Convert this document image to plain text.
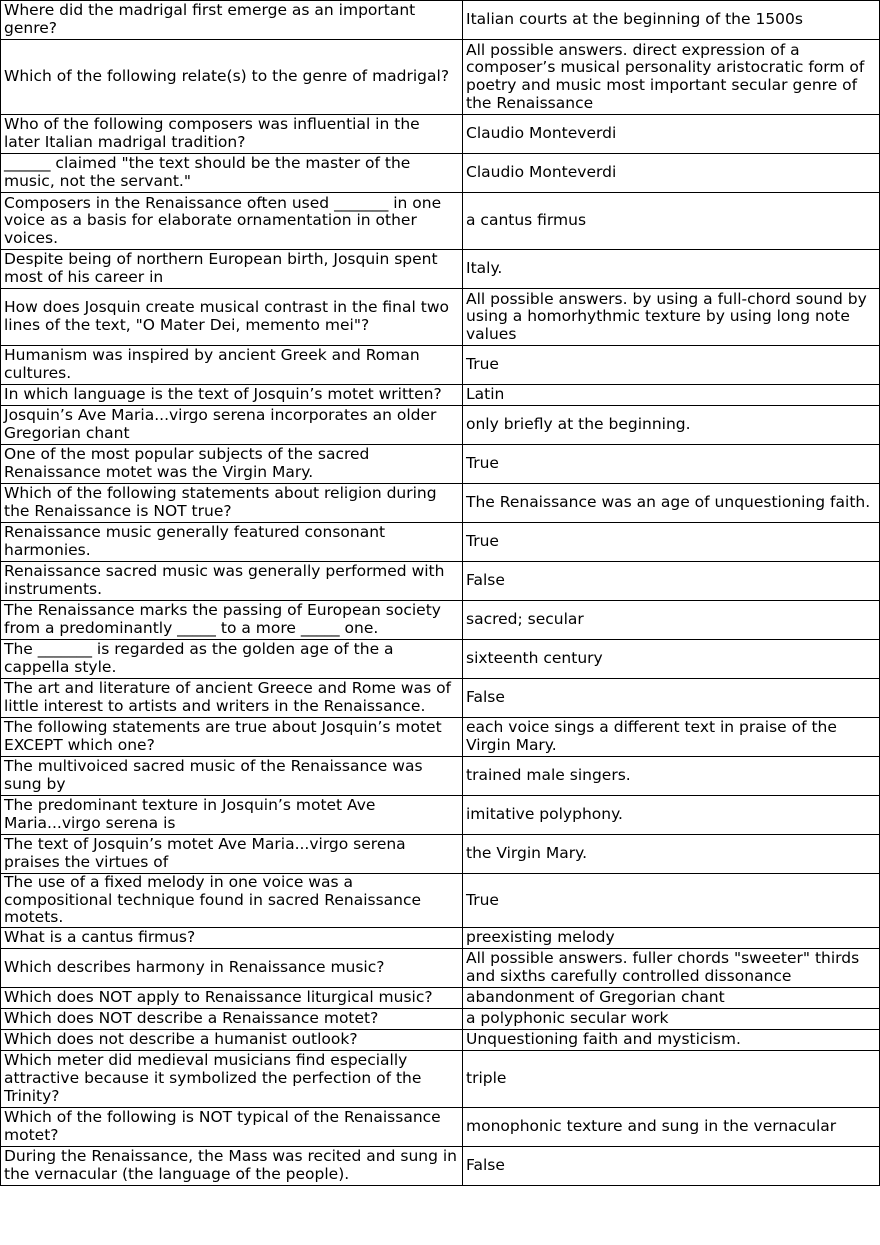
Where did the madrigal first emerge as an important genre?	Italian courts at the beginning of the 1500s
Which of the following relate(s) to the genre of madrigal?	All possible answers. direct expression of a composer’s musical personality aristocratic form of poetry and music most important secular genre of the Renaissance
Who of the following composers was influential in the later Italian madrigal tradition?	Claudio Monteverdi
______ claimed "the text should be the master of the music, not the servant."	Claudio Monteverdi
Composers in the Renaissance often used _______ in one voice as a basis for elaborate ornamentation in other voices.	a cantus firmus
Despite being of northern European birth, Josquin spent most of his career in	Italy.
How does Josquin create musical contrast in the final two lines of the text, "O Mater Dei, memento mei"?	All possible answers. by using a full-chord sound by using a homorhythmic texture by using long note values
Humanism was inspired by ancient Greek and Roman cultures.	True
In which language is the text of Josquin’s motet written?	Latin
Josquin’s Ave Maria...virgo serena incorporates an older Gregorian chant	only briefly at the beginning.
One of the most popular subjects of the sacred Renaissance motet was the Virgin Mary.	True
Which of the following statements about religion during the Renaissance is NOT true?	The Renaissance was an age of unquestioning faith.
Renaissance music generally featured consonant harmonies.	True
Renaissance sacred music was generally performed with instruments.	False
The Renaissance marks the passing of European society from a predominantly _____ to a more _____ one.	sacred; secular
The _______ is regarded as the golden age of the a cappella style.	sixteenth century
The art and literature of ancient Greece and Rome was of little interest to artists and writers in the Renaissance.	False
The following statements are true about Josquin’s motet EXCEPT which one?	each voice sings a different text in praise of the Virgin Mary.
The multivoiced sacred music of the Renaissance was sung by	trained male singers.
The predominant texture in Josquin’s motet Ave Maria...virgo serena is	imitative polyphony.
The text of Josquin’s motet Ave Maria...virgo serena praises the virtues of	the Virgin Mary.
The use of a fixed melody in one voice was a compositional technique found in sacred Renaissance motets.	True
What is a cantus firmus?	preexisting melody
Which describes harmony in Renaissance music?	All possible answers. fuller chords "sweeter" thirds and sixths carefully controlled dissonance
Which does NOT apply to Renaissance liturgical music?	abandonment of Gregorian chant
Which does NOT describe a Renaissance motet?	a polyphonic secular work
Which does not describe a humanist outlook?	Unquestioning faith and mysticism.
Which meter did medieval musicians find especially attractive because it symbolized the perfection of the Trinity?	triple
Which of the following is NOT typical of the Renaissance motet?	monophonic texture and sung in the vernacular
During the Renaissance, the Mass was recited and sung in the vernacular (the language of the people).	False
